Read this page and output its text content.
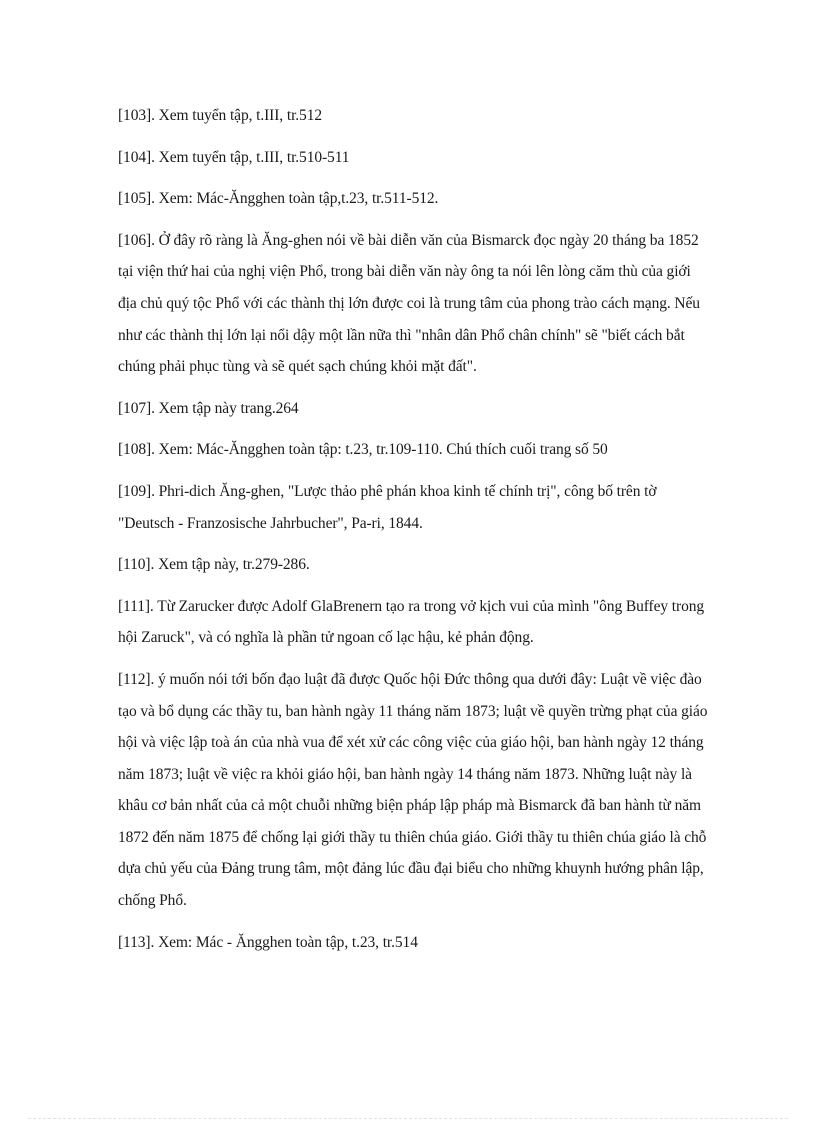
[103]. Xem tuyển tập, t.III, tr.512

[104]. Xem tuyển tập, t.III, tr.510-511

[105]. Xem: Mác-Ăngghen toàn tập,t.23, tr.511-512.

[106]. Ở đây rõ ràng là Ăng-ghen nói về bài diễn văn của Bismarck đọc ngày 20 tháng ba 1852 tại viện thứ hai của nghị viện Phổ, trong bài diễn văn này ông ta nói lên lòng căm thù của giới địa chủ quý tộc Phổ với các thành thị lớn được coi là trung tâm của phong trào cách mạng. Nếu như các thành thị lớn lại nổi dậy một lần nữa thì "nhân dân Phổ chân chính" sẽ "biết cách bắt chúng phải phục tùng và sẽ quét sạch chúng khỏi mặt đất".

[107]. Xem tập này trang.264

[108]. Xem: Mác-Ăngghen toàn tập: t.23, tr.109-110. Chú thích cuối trang số 50

[109]. Phri-dich Ăng-ghen, "Lược thảo phê phán khoa kinh tế chính trị", công bố trên tờ "Deutsch - Franzosische Jahrbucher", Pa-ri, 1844.

[110]. Xem tập này, tr.279-286.

[111]. Từ Zarucker được Adolf GlaBrenern tạo ra trong vở kịch vui của mình "ông Buffey trong hội Zaruck", và có nghĩa là phần tử ngoan cố lạc hậu, kẻ phản động.

[112]. ý muốn nói tới bốn đạo luật đã được Quốc hội Đức thông qua dưới đây: Luật về việc đào tạo và bổ dụng các thầy tu, ban hành ngày 11 tháng năm 1873; luật về quyền trừng phạt của giáo hội và việc lập toà án của nhà vua để xét xử các công việc của giáo hội, ban hành ngày 12 tháng năm 1873; luật về việc ra khỏi giáo hội, ban hành ngày 14 tháng năm 1873. Những luật này là khâu cơ bản nhất của cả một chuỗi những biện pháp lập pháp mà Bismarck đã ban hành từ năm 1872 đến năm 1875 để chống lại giới thầy tu thiên chúa giáo. Giới thầy tu thiên chúa giáo là chỗ dựa chủ yếu của Đảng trung tâm, một đảng lúc đầu đại biểu cho những khuynh hướng phân lập, chống Phổ.

[113]. Xem: Mác - Ăngghen toàn tập, t.23, tr.514
